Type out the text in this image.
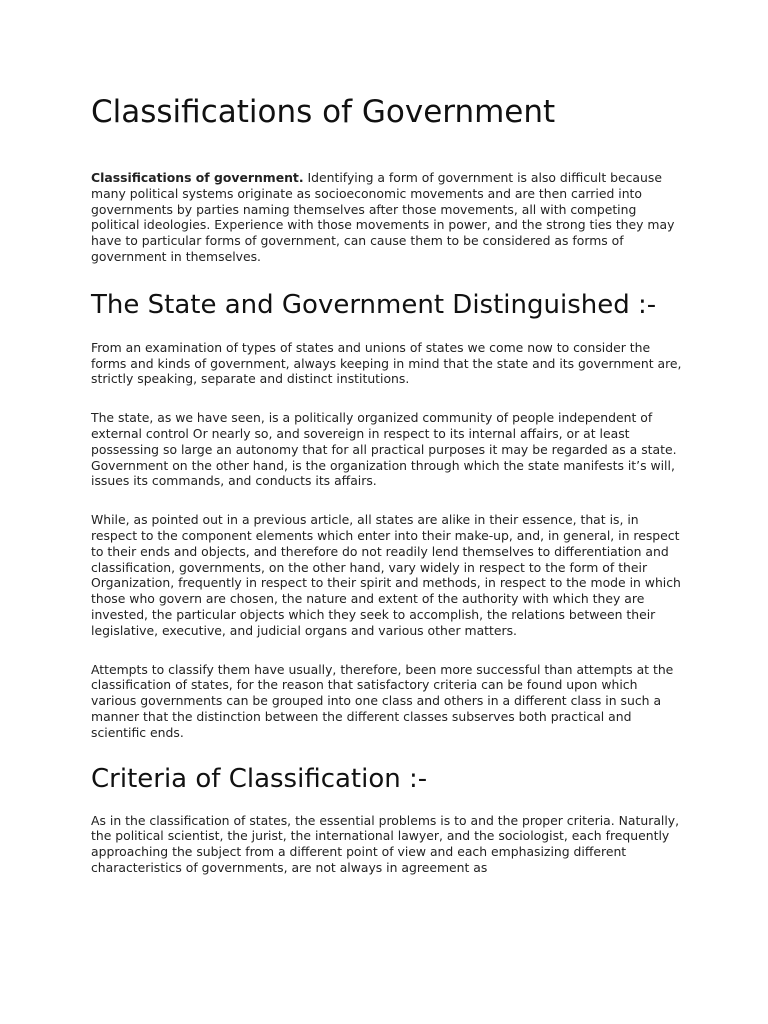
Classifications of Government

Classifications of government. Identifying a form of government is also difficult because many political systems originate as socioeconomic movements and are then carried into governments by parties naming themselves after those movements, all with competing political ideologies. Experience with those movements in power, and the strong ties they may have to particular forms of government, can cause them to be considered as forms of government in themselves.

The State and Government Distinguished :-

From an examination of types of states and unions of states we come now to consider the forms and kinds of government, always keeping in mind that the state and its government are, strictly speaking, separate and distinct institutions.

The state, as we have seen, is a politically organized community of people independent of external control Or nearly so, and sovereign in respect to its internal affairs, or at least possessing so large an autonomy that for all practical purposes it may be regarded as a state. Government on the other hand, is the organization through which the state manifests it’s will, issues its commands, and conducts its affairs.

While, as pointed out in a previous article, all states are alike in their essence, that is, in respect to the component elements which enter into their make-up, and, in general, in respect to their ends and objects, and therefore do not readily lend themselves to differentiation and classification, governments, on the other hand, vary widely in respect to the form of their Organization, frequently in respect to their spirit and methods, in respect to the mode in which those who govern are chosen, the nature and extent of the authority with which they are invested, the particular objects which they seek to accomplish, the relations between their legislative, executive, and judicial organs and various other matters.

Attempts to classify them have usually, therefore, been more successful than attempts at the classification of states, for the reason that satisfactory criteria can be found upon which various governments can be grouped into one class and others in a different class in such a manner that the distinction between the different classes subserves both practical and scientific ends.

Criteria of Classification :-

As in the classification of states, the essential problems is to and the proper criteria. Naturally, the political scientist, the jurist, the international lawyer, and the sociologist, each frequently approaching the subject from a different point of view and each emphasizing different characteristics of governments, are not always in agreement as
